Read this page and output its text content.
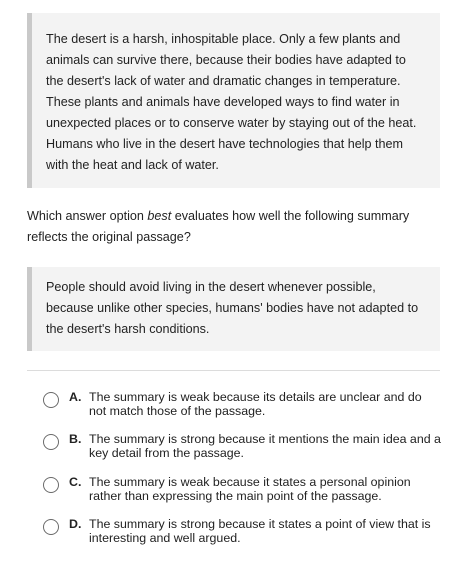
The desert is a harsh, inhospitable place. Only a few plants and animals can survive there, because their bodies have adapted to the desert's lack of water and dramatic changes in temperature. These plants and animals have developed ways to find water in unexpected places or to conserve water by staying out of the heat. Humans who live in the desert have technologies that help them with the heat and lack of water.

Which answer option best evaluates how well the following summary reflects the original passage?

People should avoid living in the desert whenever possible, because unlike other species, humans' bodies have not adapted to the desert's harsh conditions.

A. The summary is weak because its details are unclear and do not match those of the passage.
B. The summary is strong because it mentions the main idea and a key detail from the passage.
C. The summary is weak because it states a personal opinion rather than expressing the main point of the passage.
D. The summary is strong because it states a point of view that is interesting and well argued.
